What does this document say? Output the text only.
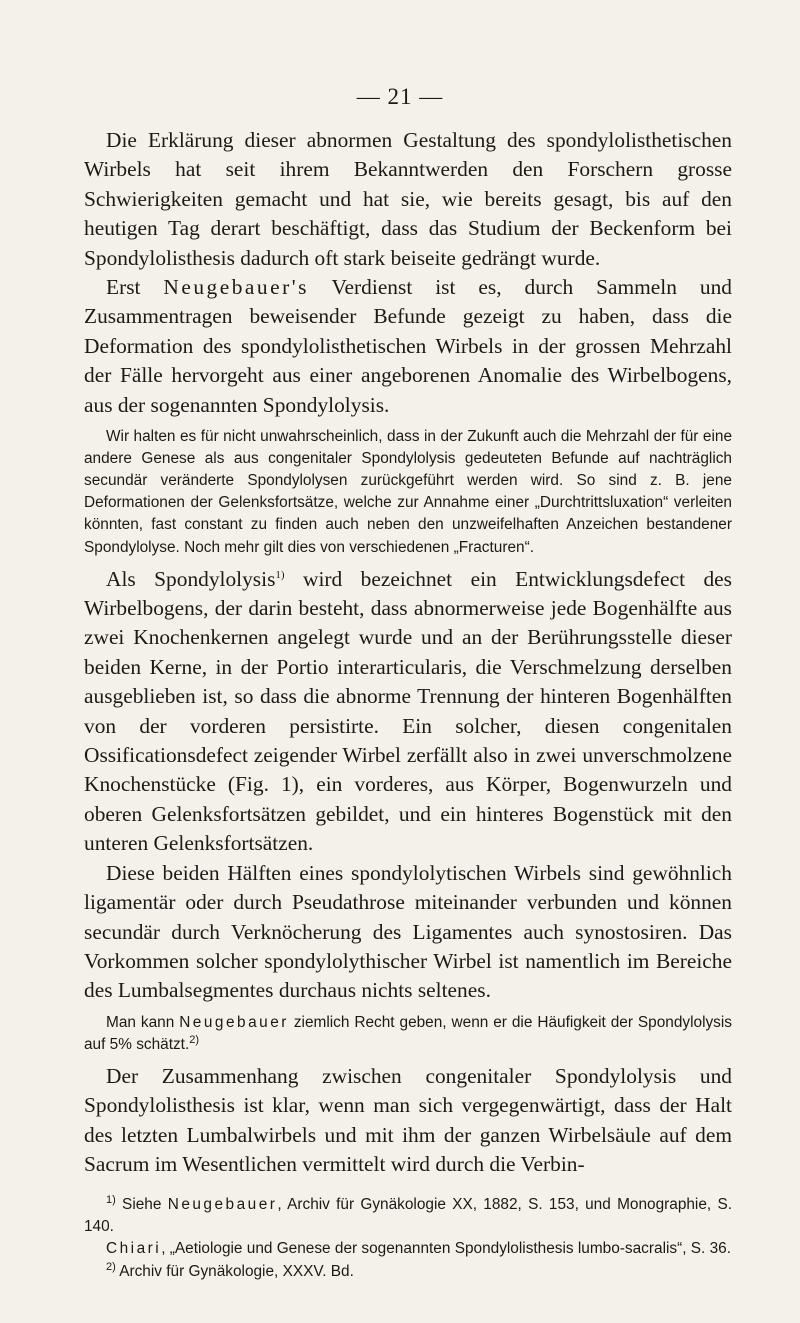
— 21 —

Die Erklärung dieser abnormen Gestaltung des spondylolisthetischen Wirbels hat seit ihrem Bekanntwerden den Forschern grosse Schwierigkeiten gemacht und hat sie, wie bereits gesagt, bis auf den heutigen Tag derart beschäftigt, dass das Studium der Beckenform bei Spondylolisthesis dadurch oft stark beiseite gedrängt wurde.

Erst Neugebauer's Verdienst ist es, durch Sammeln und Zusammentragen beweisender Befunde gezeigt zu haben, dass die Deformation des spondylolisthetischen Wirbels in der grossen Mehrzahl der Fälle hervorgeht aus einer angeborenen Anomalie des Wirbelbogens, aus der sogenannten Spondylolysis.

Wir halten es für nicht unwahrscheinlich, dass in der Zukunft auch die Mehrzahl der für eine andere Genese als aus congenitaler Spondylolysis gedeuteten Befunde auf nachträglich secundär veränderte Spondylolysen zurückgeführt werden wird. So sind z. B. jene Deformationen der Gelenksfortsätze, welche zur Annahme einer „Durchtrittsluxation“ verleiten könnten, fast constant zu finden auch neben den unzweifelhaften Anzeichen bestandener Spondylolyse. Noch mehr gilt dies von verschiedenen „Fracturen“.

Als Spondylolysis$^{1)}$ wird bezeichnet ein Entwicklungsdefect des Wirbelbogens, der darin besteht, dass abnormerweise jede Bogenhälfte aus zwei Knochenkernen angelegt wurde und an der Berührungsstelle dieser beiden Kerne, in der Portio interarticularis, die Verschmelzung derselben ausgeblieben ist, so dass die abnorme Trennung der hinteren Bogenhälften von der vorderen persistirte. Ein solcher, diesen congenitalen Ossificationsdefect zeigender Wirbel zerfällt also in zwei unverschmolzene Knochenstücke (Fig. 1), ein vorderes, aus Körper, Bogenwurzeln und oberen Gelenksfortsätzen gebildet, und ein hinteres Bogenstück mit den unteren Gelenksfortsätzen.

Diese beiden Hälften eines spondylolytischen Wirbels sind gewöhnlich ligamentär oder durch Pseudathrose miteinander verbunden und können secundär durch Verknöcherung des Ligamentes auch synostosiren. Das Vorkommen solcher spondylolythischer Wirbel ist namentlich im Bereiche des Lumbalsegmentes durchaus nichts seltenes.

Man kann Neugebauer ziemlich Recht geben, wenn er die Häufigkeit der Spondylolysis auf 5% schätzt.$^{2)}$

Der Zusammenhang zwischen congenitaler Spondylolysis und Spondylolisthesis ist klar, wenn man sich vergegenwärtigt, dass der Halt des letzten Lumbalwirbels und mit ihm der ganzen Wirbelsäule auf dem Sacrum im Wesentlichen vermittelt wird durch die Verbin-

$^{1)}$ Siehe Neugebauer, Archiv für Gynäkologie XX, 1882, S. 153, und Monographie, S. 140.

Chiari, „Aetiologie und Genese der sogenannten Spondylolisthesis lumbo-sacralis“, S. 36.

$^{2)}$ Archiv für Gynäkologie, XXXV. Bd.
